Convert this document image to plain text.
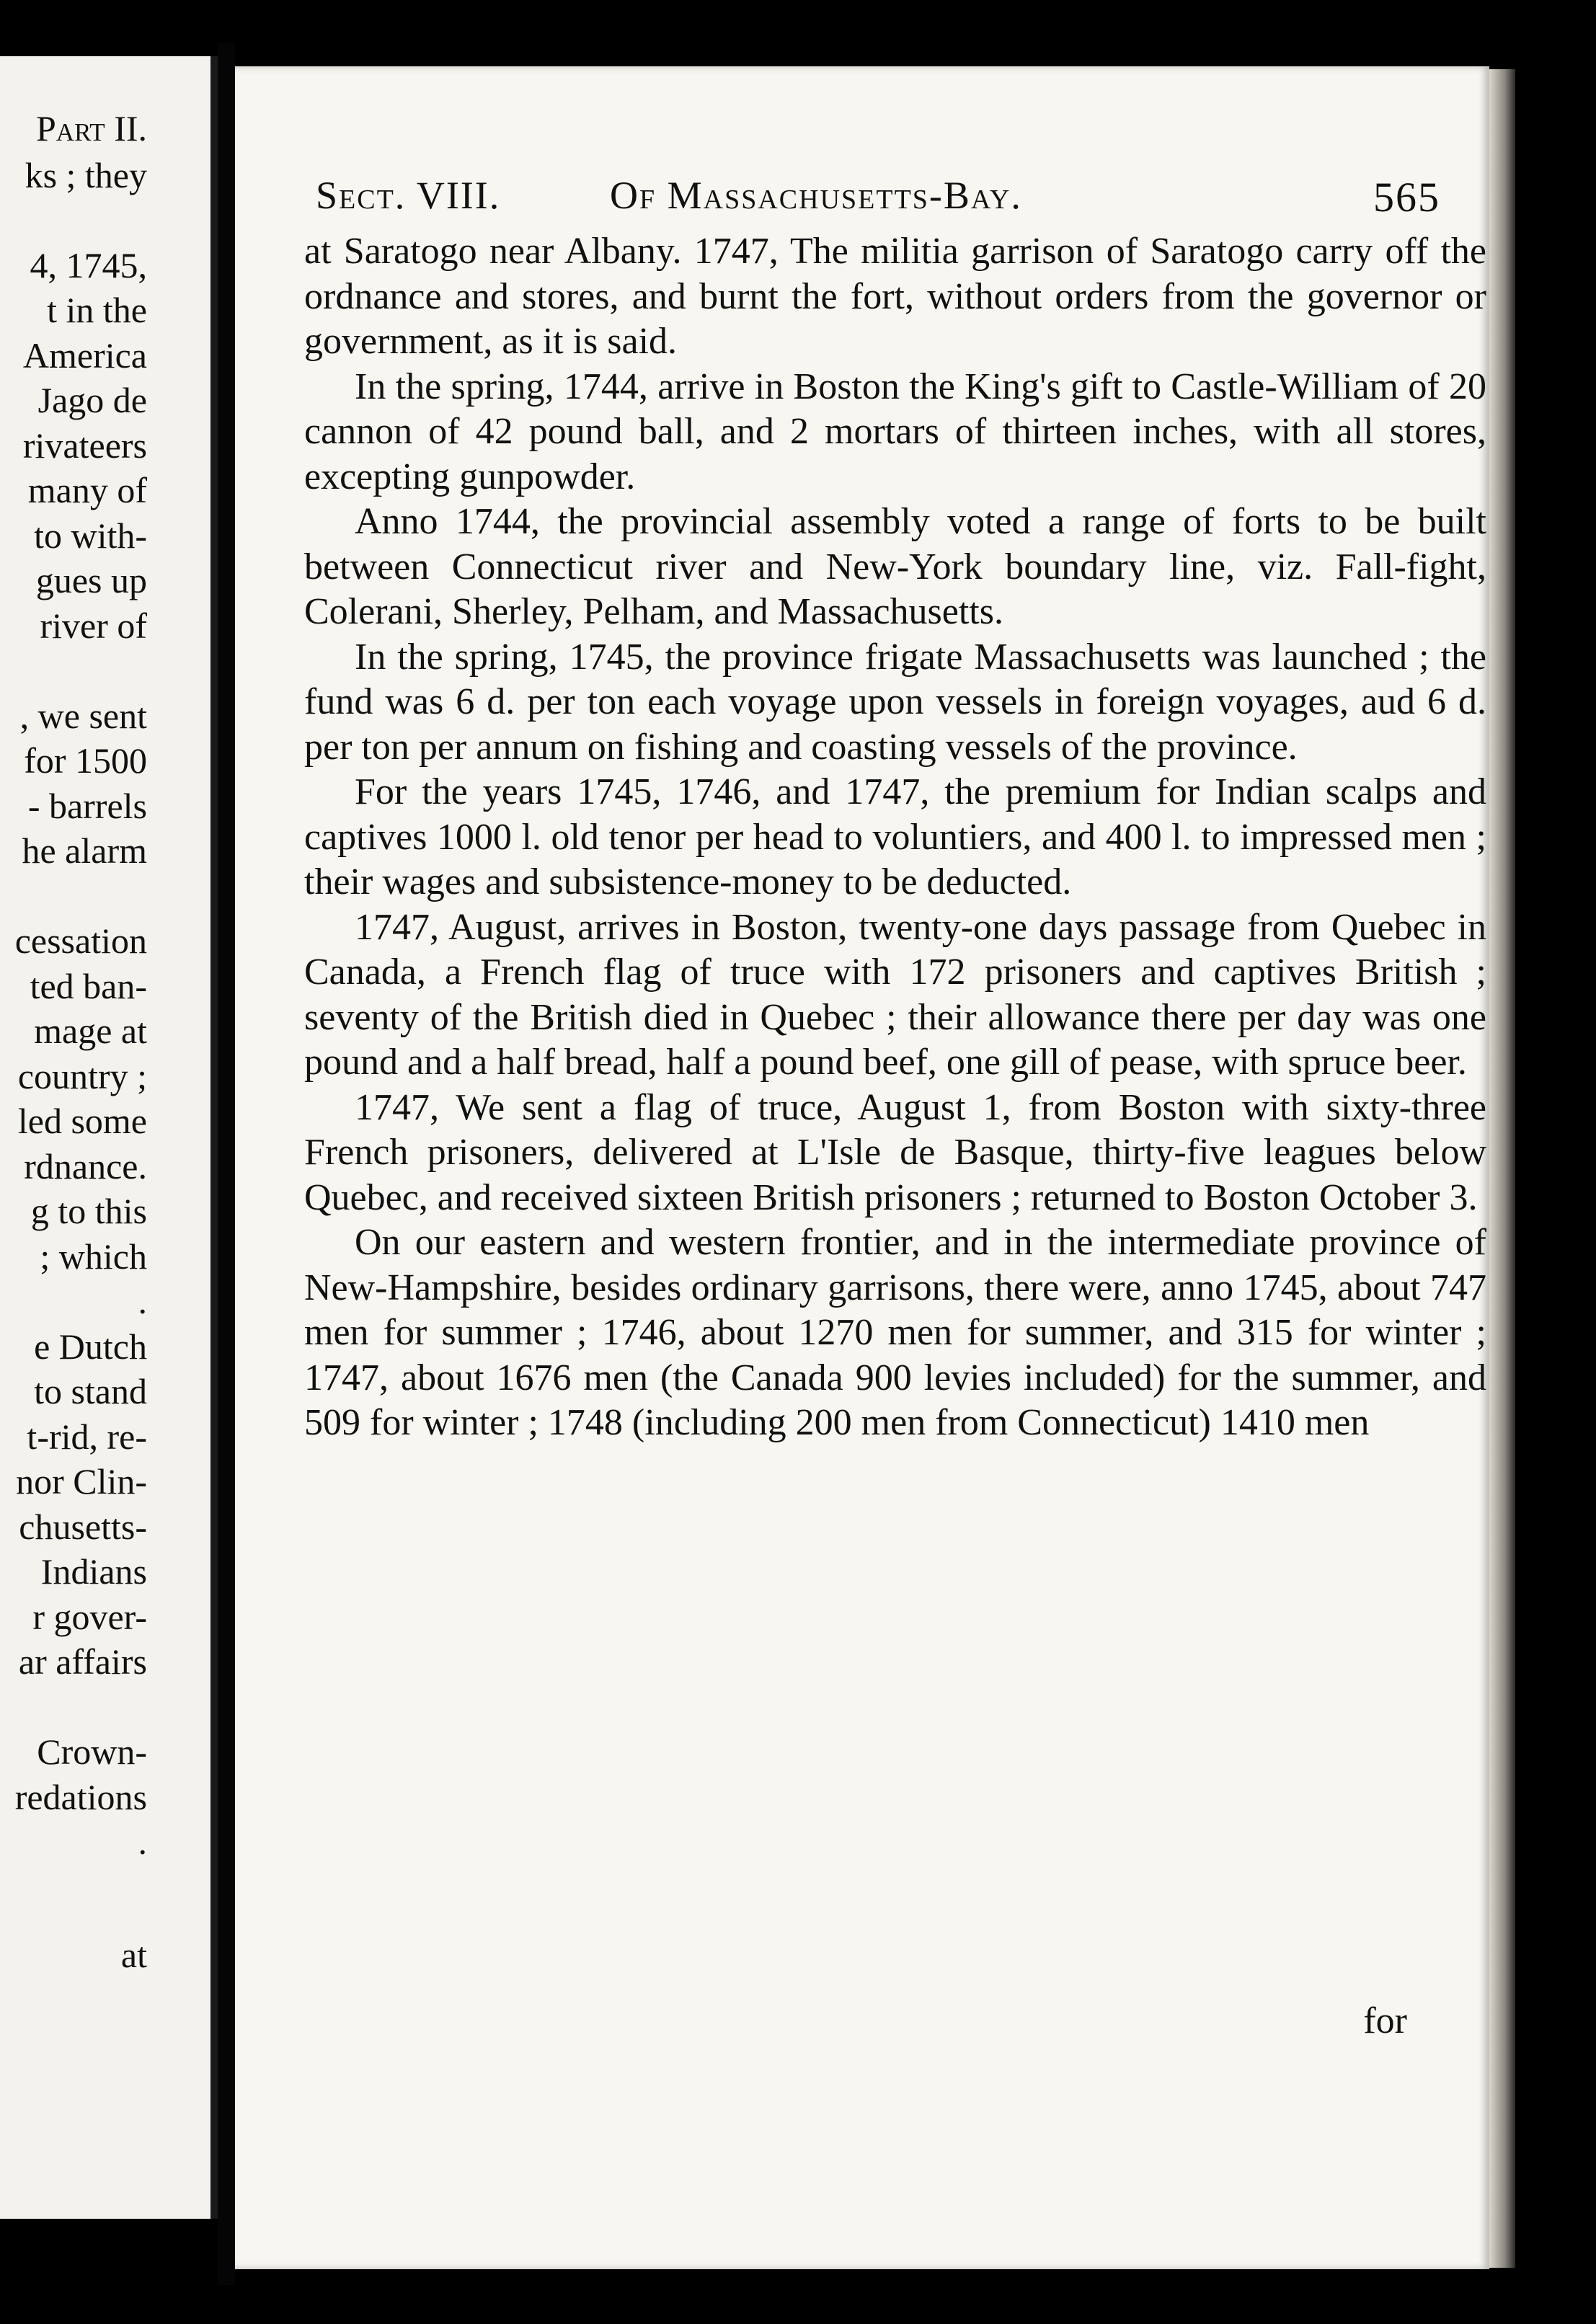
Part II.
ks ; they
4, 1745,
t in the
America
Jago de
rivateers
many of
to with-
gues up
river of
, we sent
for 1500
- barrels
he alarm
cessation
ted ban-
mage at
country ;
led some
rdnance.
g to this
; which
.
e Dutch
to stand
t-rid, re-
nor Clin-
chusetts-
Indians
r gover-
ar affairs
Crown-
redations
.
at
Sect. VIII.	Of Massachusetts-Bay.	565

at Saratogo near Albany. 1747, The militia garrison of Saratogo carry off the ordnance and stores, and burnt the fort, without orders from the governor or government, as it is said.

In the spring, 1744, arrive in Boston the King's gift to Castle-William of 20 cannon of 42 pound ball, and 2 mortars of thirteen inches, with all stores, excepting gunpowder.

Anno 1744, the provincial assembly voted a range of forts to be built between Connecticut river and New-York boundary line, viz. Fall-fight, Colerani, Sherley, Pelham, and Massachusetts.

In the spring, 1745, the province frigate Massachusetts was launched ; the fund was 6 d. per ton each voyage upon vessels in foreign voyages, aud 6 d. per ton per annum on fishing and coasting vessels of the province.

For the years 1745, 1746, and 1747, the premium for Indian scalps and captives 1000 l. old tenor per head to voluntiers, and 400 l. to impressed men ; their wages and subsistence-money to be deducted.

1747, August, arrives in Boston, twenty-one days passage from Quebec in Canada, a French flag of truce with 172 prisoners and captives British ; seventy of the British died in Quebec ; their allowance there per day was one pound and a half bread, half a pound beef, one gill of pease, with spruce beer.

1747, We sent a flag of truce, August 1, from Boston with sixty-three French prisoners, delivered at L'Isle de Basque, thirty-five leagues below Quebec, and received sixteen British prisoners ; returned to Boston October 3.

On our eastern and western frontier, and in the intermediate province of New-Hampshire, besides ordinary garrisons, there were, anno 1745, about 747 men for summer ; 1746, about 1270 men for summer, and 315 for winter ; 1747, about 1676 men (the Canada 900 levies included) for the summer, and 509 for winter ; 1748 (including 200 men from Connecticut) 1410 men

for
